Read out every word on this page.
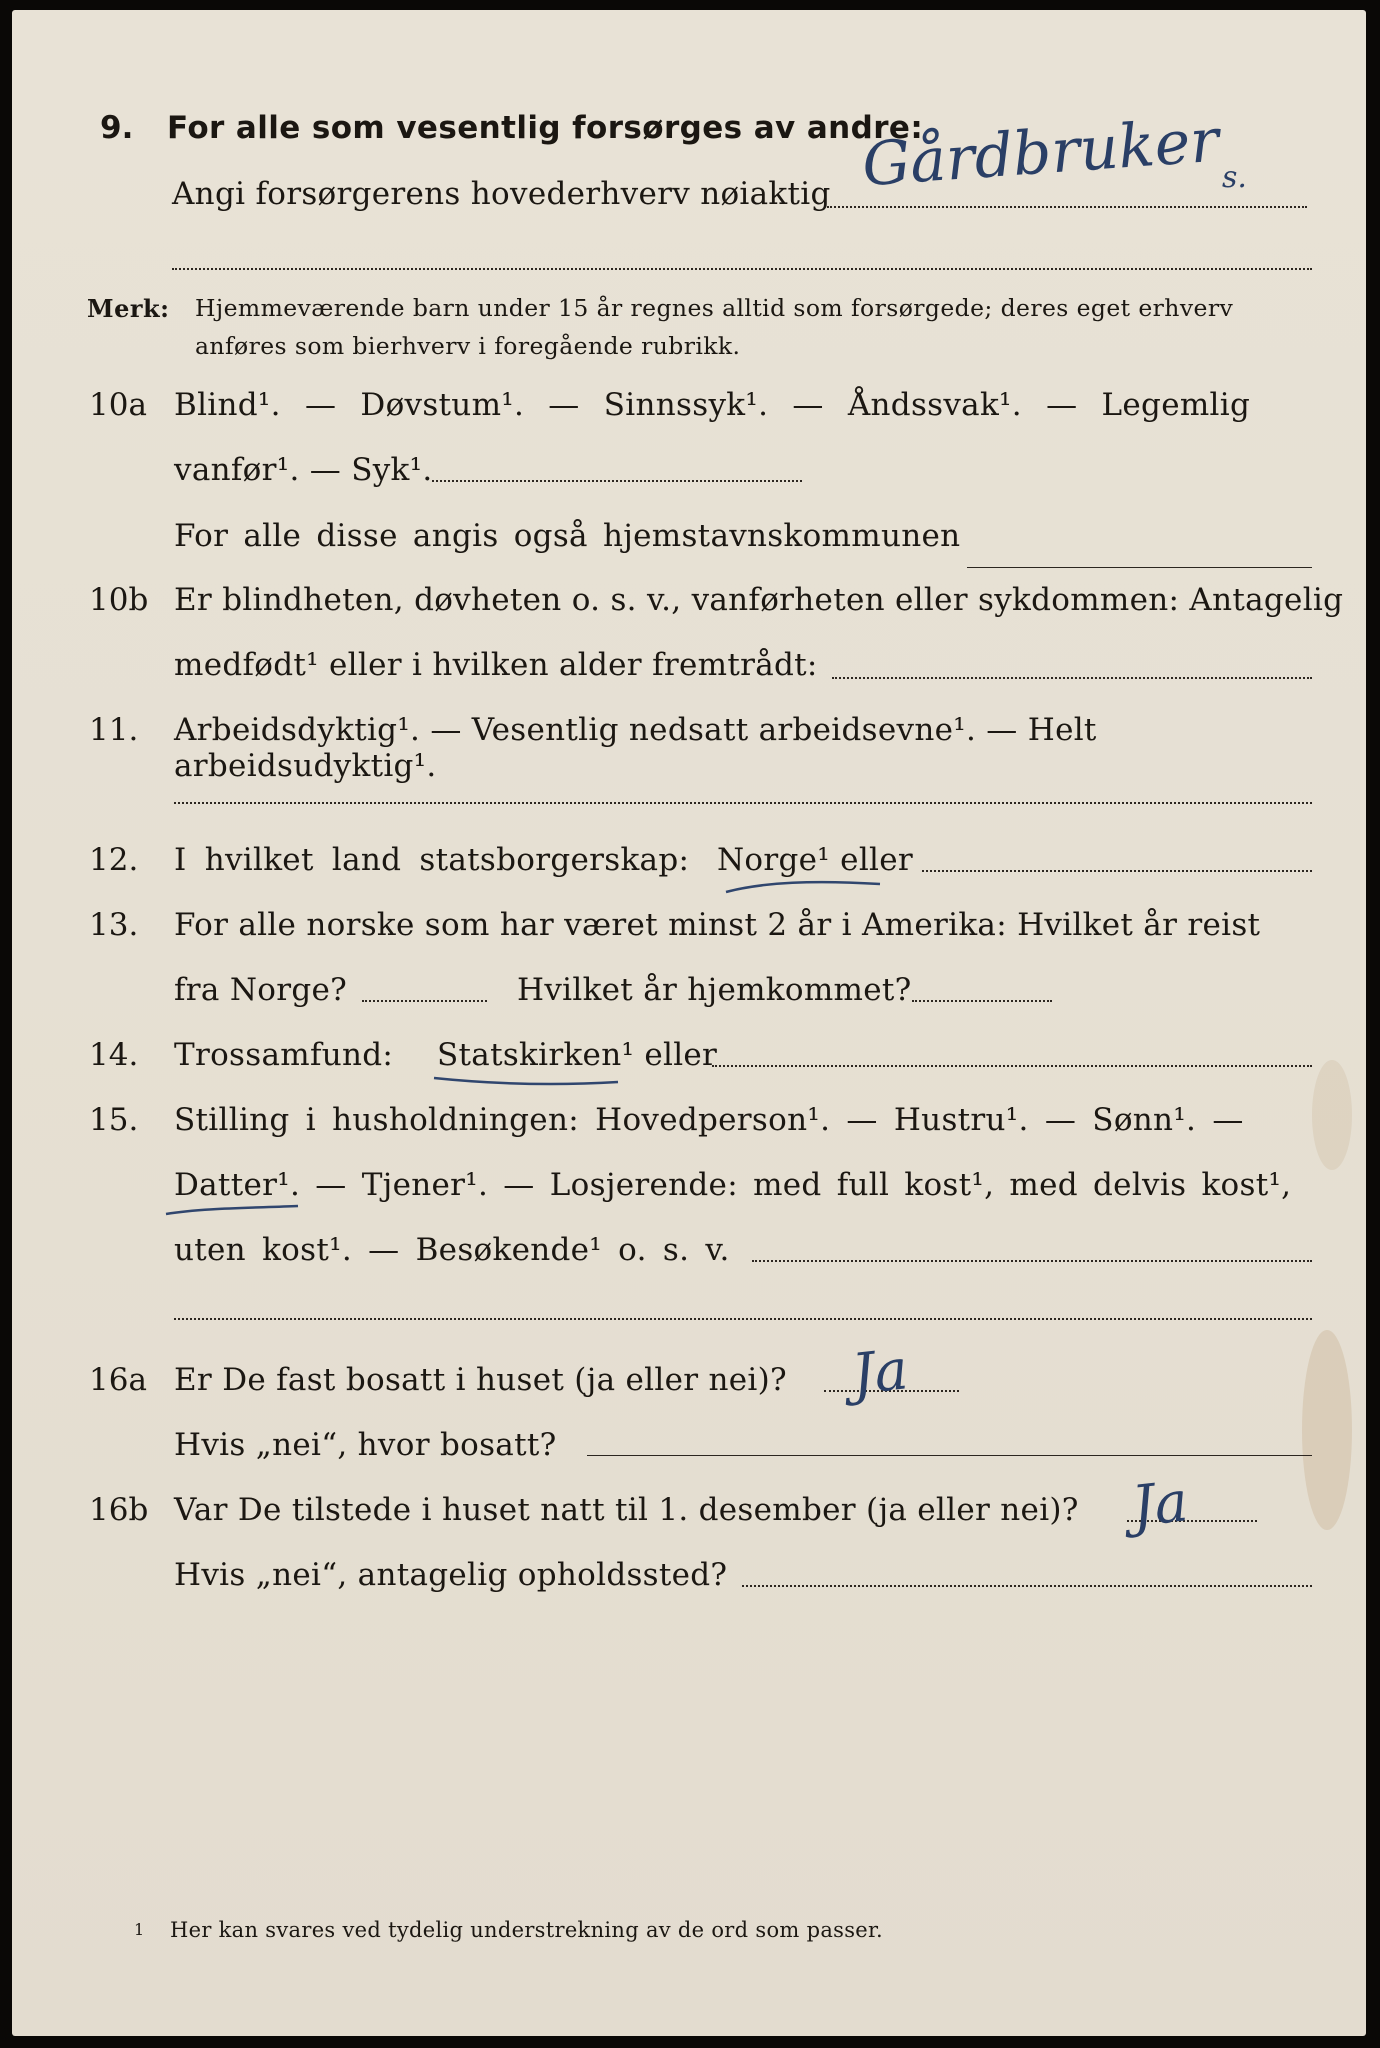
9. For alle som vesentlig forsørges av andre:
Angi forsørgerens hovederhverv nøiaktig Gårdbruker s.
Merk: Hjemmeværende barn under 15 år regnes alltid som forsørgede; deres eget erhverv
anføres som bierhverv i foregående rubrikk.
10a Blind¹. — Døvstum¹. — Sinnssyk¹. — Åndssvak¹. — Legemlig
vanfør¹. — Syk¹.
For alle disse angis også hjemstavnskommunen
10b Er blindheten, døvheten o. s. v., vanførheten eller sykdommen: Antagelig
medfødt¹ eller i hvilken alder fremtrådt:
11. Arbeidsdyktig¹. — Vesentlig nedsatt arbeidsevne¹. — Helt arbeidsudyktig¹.
12. I hvilket land statsborgerskap: Norge¹ eller
13. For alle norske som har været minst 2 år i Amerika: Hvilket år reist
fra Norge?	Hvilket år hjemkommet?
14. Trossamfund: Statskirken¹ eller
15. Stilling i husholdningen: Hovedperson¹. — Hustru¹. — Sønn¹. —
Datter¹. — Tjener¹. — Losjerende: med full kost¹, med delvis kost¹,
uten kost¹. — Besøkende¹ o. s. v.
16a Er De fast bosatt i huset (ja eller nei)? Ja
Hvis „nei“, hvor bosatt?
16b Var De tilstede i huset natt til 1. desember (ja eller nei)? Ja
Hvis „nei“, antagelig opholdssted?
1 Her kan svares ved tydelig understrekning av de ord som passer.
